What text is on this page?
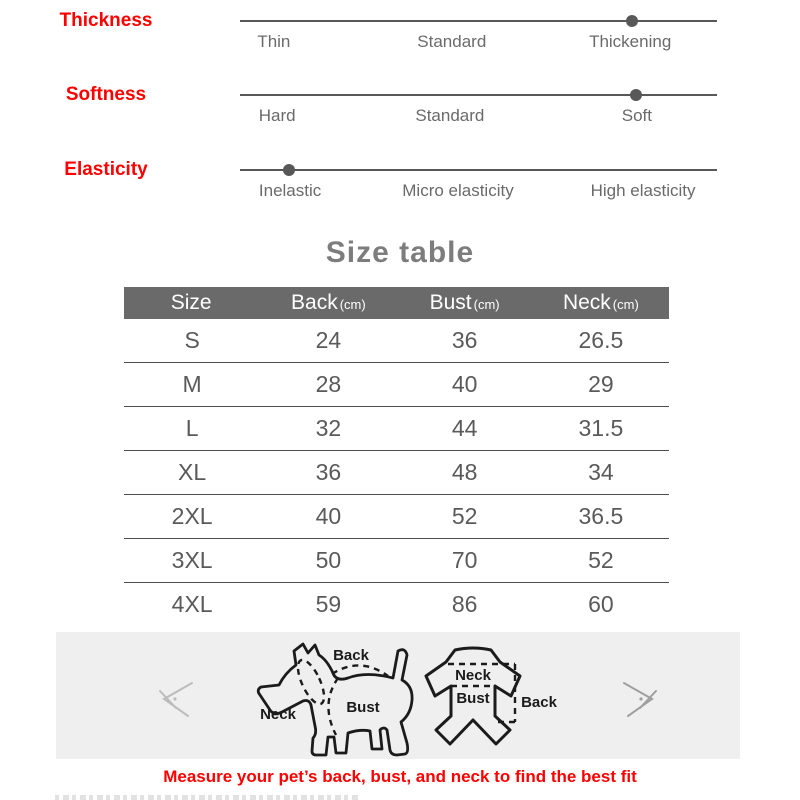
Thickness
Thin	Standard	Thickening
Softness
Hard	Standard	Soft
Elasticity
Inelastic	Micro elasticity	High elasticity
Size table
Size	Back (cm)	Bust (cm)	Neck (cm)
S	24	36	26.5
M	28	40	29
L	32	44	31.5
XL	36	48	34
2XL	40	52	36.5
3XL	50	70	52
4XL	59	86	60
Back
Bust
Neck
Neck
Bust Back
Measure your pet’s back, bust, and neck to find the best fit
